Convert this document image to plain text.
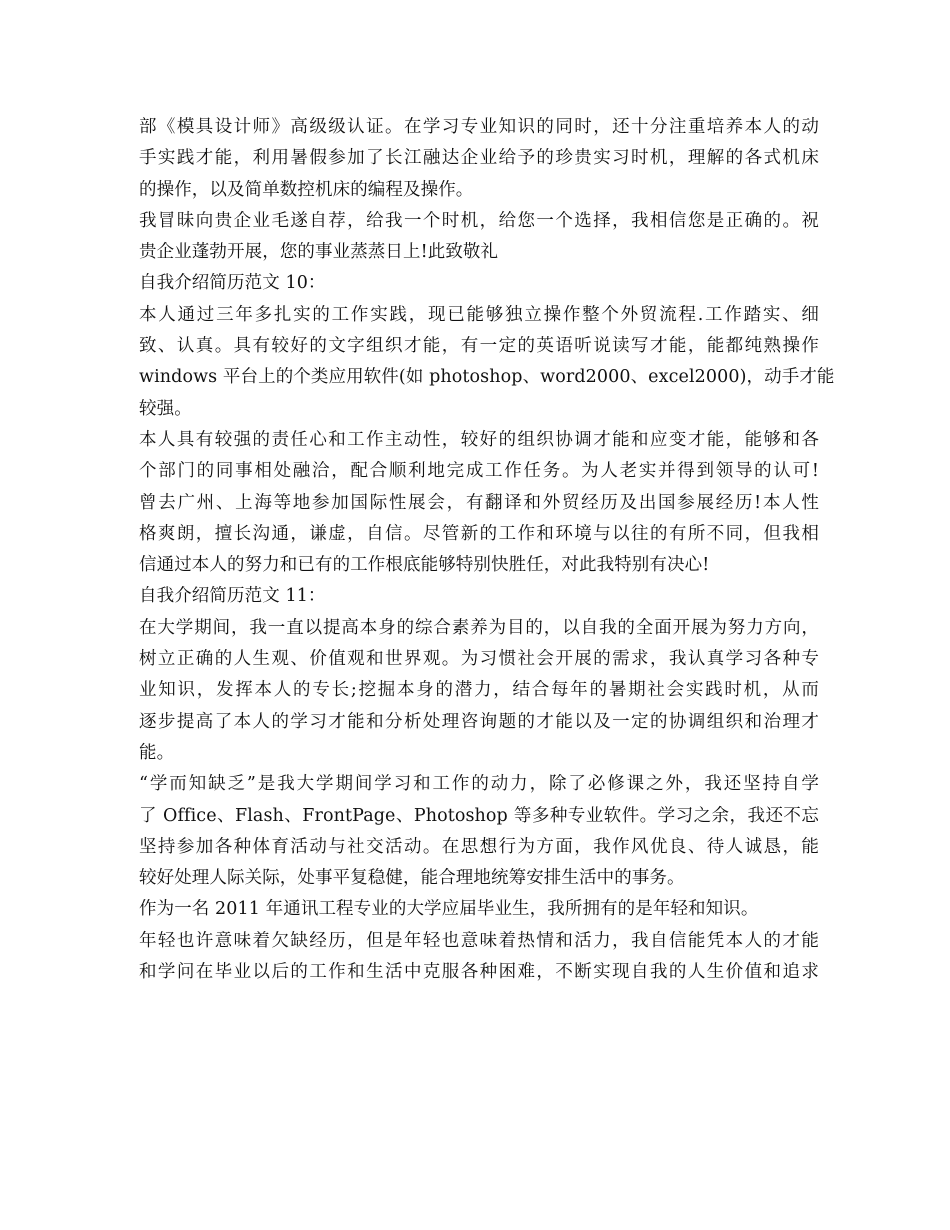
部《模具设计师》高级级认证。在学习专业知识的同时，还十分注重培养本人的动
手实践才能，利用暑假参加了长江融达企业给予的珍贵实习时机，理解的各式机床
的操作，以及简单数控机床的编程及操作。
我冒昧向贵企业毛遂自荐，给我一个时机，给您一个选择，我相信您是正确的。祝
贵企业蓬勃开展，您的事业蒸蒸日上!此致敬礼
自我介绍简历范文 10：
本人通过三年多扎实的工作实践，现已能够独立操作整个外贸流程.工作踏实、细
致、认真。具有较好的文字组织才能，有一定的英语听说读写才能，能都纯熟操作
windows 平台上的个类应用软件(如 photoshop、word2000、excel2000)，动手才能
较强。
本人具有较强的责任心和工作主动性，较好的组织协调才能和应变才能，能够和各
个部门的同事相处融洽，配合顺利地完成工作任务。为人老实并得到领导的认可!
曾去广州、上海等地参加国际性展会，有翻译和外贸经历及出国参展经历!本人性
格爽朗，擅长沟通，谦虚，自信。尽管新的工作和环境与以往的有所不同，但我相
信通过本人的努力和已有的工作根底能够特别快胜任，对此我特别有决心!
自我介绍简历范文 11：
在大学期间，我一直以提高本身的综合素养为目的，以自我的全面开展为努力方向，
树立正确的人生观、价值观和世界观。为习惯社会开展的需求，我认真学习各种专
业知识，发挥本人的专长;挖掘本身的潜力，结合每年的暑期社会实践时机，从而
逐步提高了本人的学习才能和分析处理咨询题的才能以及一定的协调组织和治理才
能。
“学而知缺乏”是我大学期间学习和工作的动力，除了必修课之外，我还坚持自学
了 Office、Flash、FrontPage、Photoshop 等多种专业软件。学习之余，我还不忘
坚持参加各种体育活动与社交活动。在思想行为方面，我作风优良、待人诚恳，能
较好处理人际关际，处事平复稳健，能合理地统筹安排生活中的事务。
作为一名 2011 年通讯工程专业的大学应届毕业生，我所拥有的是年轻和知识。
年轻也许意味着欠缺经历，但是年轻也意味着热情和活力，我自信能凭本人的才能
和学问在毕业以后的工作和生活中克服各种困难，不断实现自我的人生价值和追求
